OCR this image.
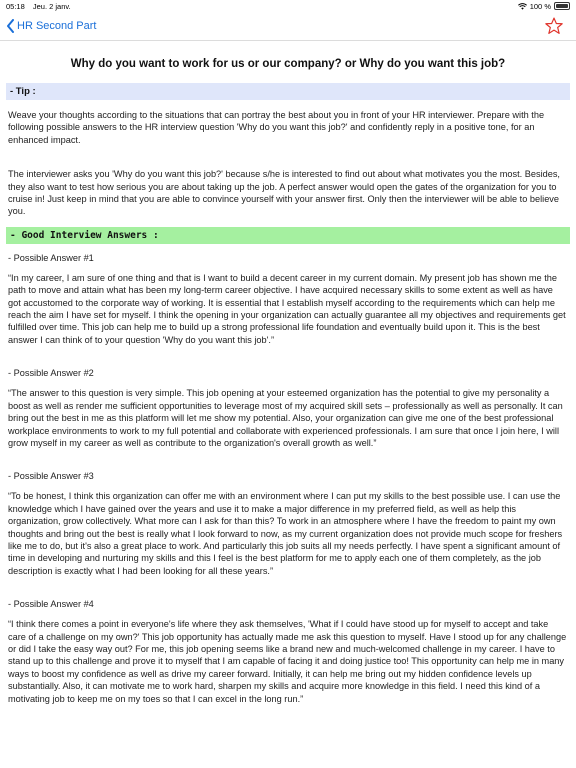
05:18 Jeu. 2 janv.	100 %
HR Second Part
Why do you want to work for us or our company? or Why do you want this job?
- Tip :
Weave your thoughts according to the situations that can portray the best about you in front of your HR interviewer. Prepare with the following possible answers to the HR interview question 'Why do you want this job?' and confidently reply in a positive tone, for an enhanced impact.
The interviewer asks you 'Why do you want this job?' because s/he is interested to find out about what motivates you the most. Besides, they also want to test how serious you are about taking up the job. A perfect answer would open the gates of the organization for you to cruise in! Just keep in mind that you are able to convince yourself with your answer first. Only then the interviewer will be able to believe you.
- Good Interview Answers :
- Possible Answer #1
“In my career, I am sure of one thing and that is I want to build a decent career in my current domain. My present job has shown me the path to move and attain what has been my long-term career objective. I have acquired necessary skills to some extent as well as have got accustomed to the corporate way of working. It is essential that I establish myself according to the requirements which can help me reach the aim I have set for myself. I think the opening in your organization can actually guarantee all my objectives and requirements get fulfilled over time. This job can help me to build up a strong professional life foundation and eventually build upon it. This is the best answer I can think of to your question 'Why do you want this job'.”
- Possible Answer #2
“The answer to this question is very simple. This job opening at your esteemed organization has the potential to give my personality a boost as well as render me sufficient opportunities to leverage most of my acquired skill sets – professionally as well as personally. It can bring out the best in me as this platform will let me show my potential. Also, your organization can give me one of the best professional workplace environments to work to my full potential and collaborate with experienced professionals. I am sure that once I join here, I will grow myself in my career as well as contribute to the organization's overall growth as well.”
- Possible Answer #3
“To be honest, I think this organization can offer me with an environment where I can put my skills to the best possible use. I can use the knowledge which I have gained over the years and use it to make a major difference in my preferred field, as well as help this organization, grow collectively. What more can I ask for than this? To work in an atmosphere where I have the freedom to paint my own thoughts and bring out the best is really what I look forward to now, as my current organization does not provide much scope for freshers like me to do, but it's also a great place to work. And particularly this job suits all my needs perfectly. I have spent a significant amount of time in developing and nurturing my skills and this I feel is the best platform for me to apply each one of them completely, as the job description is exactly what I had been looking for all these years.”
- Possible Answer #4
“I think there comes a point in everyone's life where they ask themselves, 'What if I could have stood up for myself to accept and take care of a challenge on my own?' This job opportunity has actually made me ask this question to myself. Have I stood up for any challenge or did I take the easy way out? For me, this job opening seems like a brand new and much-welcomed challenge in my career. I have to stand up to this challenge and prove it to myself that I am capable of facing it and doing justice too! This opportunity can help me in many ways to boost my confidence as well as drive my career forward. Initially, it can help me bring out my hidden confidence levels up substantially. Also, it can motivate me to work hard, sharpen my skills and acquire more knowledge in this field. I need this kind of a motivating job to keep me on my toes so that I can excel in the long run.”
